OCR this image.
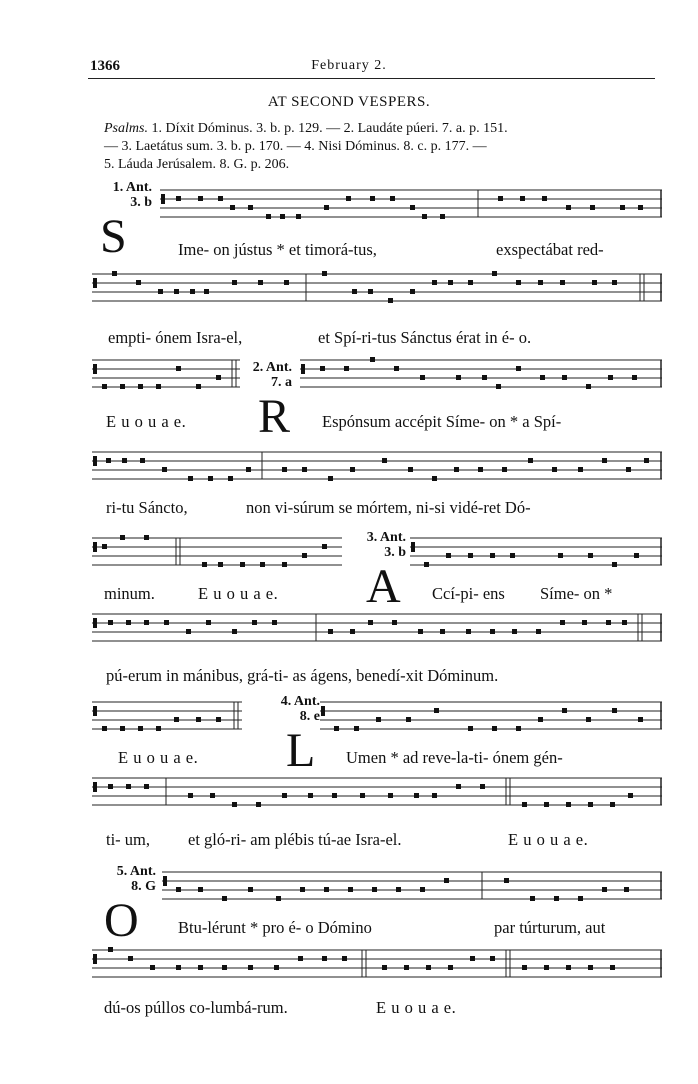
1366	February 2.
AT SECOND VESPERS.
Psalms. 1. Díxit Dóminus. 3. b. p. 129. — 2. Laudáte púeri. 7. a. p. 151.
— 3. Laetátus sum. 3. b. p. 170. — 4. Nisi Dóminus. 8. c. p. 177. —
5. Láuda Jerúsalem. 8. G. p. 206.
1. Ant.
3. b
S
2. Ant.
7. a
R
3. Ant.
3. b
A
4. Ant.
8. e
L
5. Ant.
8. G
O
Ime- on jústus * et timorá-tus,	exspectábat red-
empti- ónem Isra-el,	et Spí-ri-tus Sánctus érat in é- o.
E u o u a e.	Espónsum accépit Síme- on * a Spí-
ri-tu Sáncto,	non vi-súrum se mórtem, ni-si vidé-ret Dó-
minum.	E u o u a e.	Ccí-pi- ens Síme- on *
pú-erum in mánibus, grá-ti- as ágens, benedí-xit Dóminum.
E u o u a e.	Umen * ad reve-la-ti- ónem gén-
ti- um, et gló-ri- am plébis tú-ae Isra-el.	E u o u a e.
Btu-lérunt * pro é- o Dómino	par túrturum, aut
dú-os púllos co-lumbá-rum.	E u o u a e.
